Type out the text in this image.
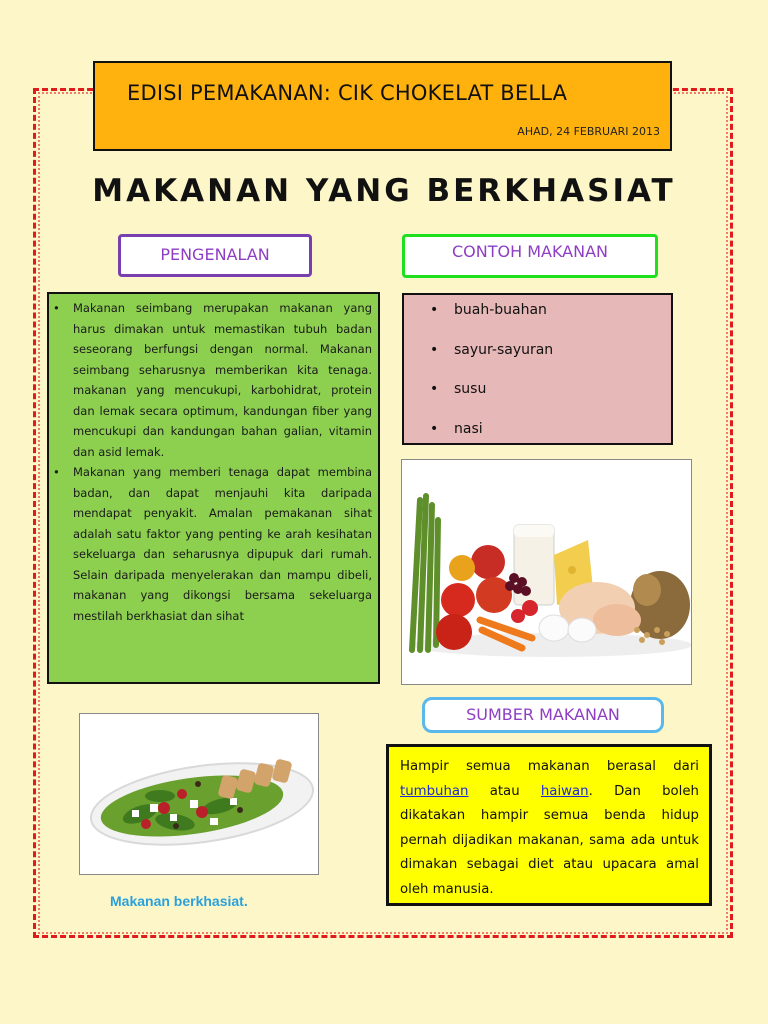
EDISI PEMAKANAN: CIK CHOKELAT BELLA
AHAD, 24 FEBRUARI 2013
MAKANAN YANG BERKHASIAT
PENGENALAN	CONTOH MAKANAN
• Makanan seimbang merupakan makanan yang harus dimakan untuk memastikan tubuh badan seseorang berfungsi dengan normal. Makanan seimbang seharusnya memberikan kita tenaga. makanan yang mencukupi, karbohidrat, protein dan lemak secara optimum, kandungan fiber yang mencukupi dan kandungan bahan galian, vitamin dan asid lemak.
• Makanan yang memberi tenaga dapat membina badan, dan dapat menjauhi kita daripada mendapat penyakit. Amalan pemakanan sihat adalah satu faktor yang penting ke arah kesihatan sekeluarga dan seharusnya dipupuk dari rumah. Selain daripada menyelerakan dan mampu dibeli, makanan yang dikongsi bersama sekeluarga mestilah berkhasiat dan sihat
• buah-buahan
• sayur-sayuran
• susu
• nasi
SUMBER MAKANAN
Makanan berkhasiat.
Hampir semua makanan berasal dari tumbuhan atau haiwan. Dan boleh dikatakan hampir semua benda hidup pernah dijadikan makanan, sama ada untuk dimakan sebagai diet atau upacara amal oleh manusia.
